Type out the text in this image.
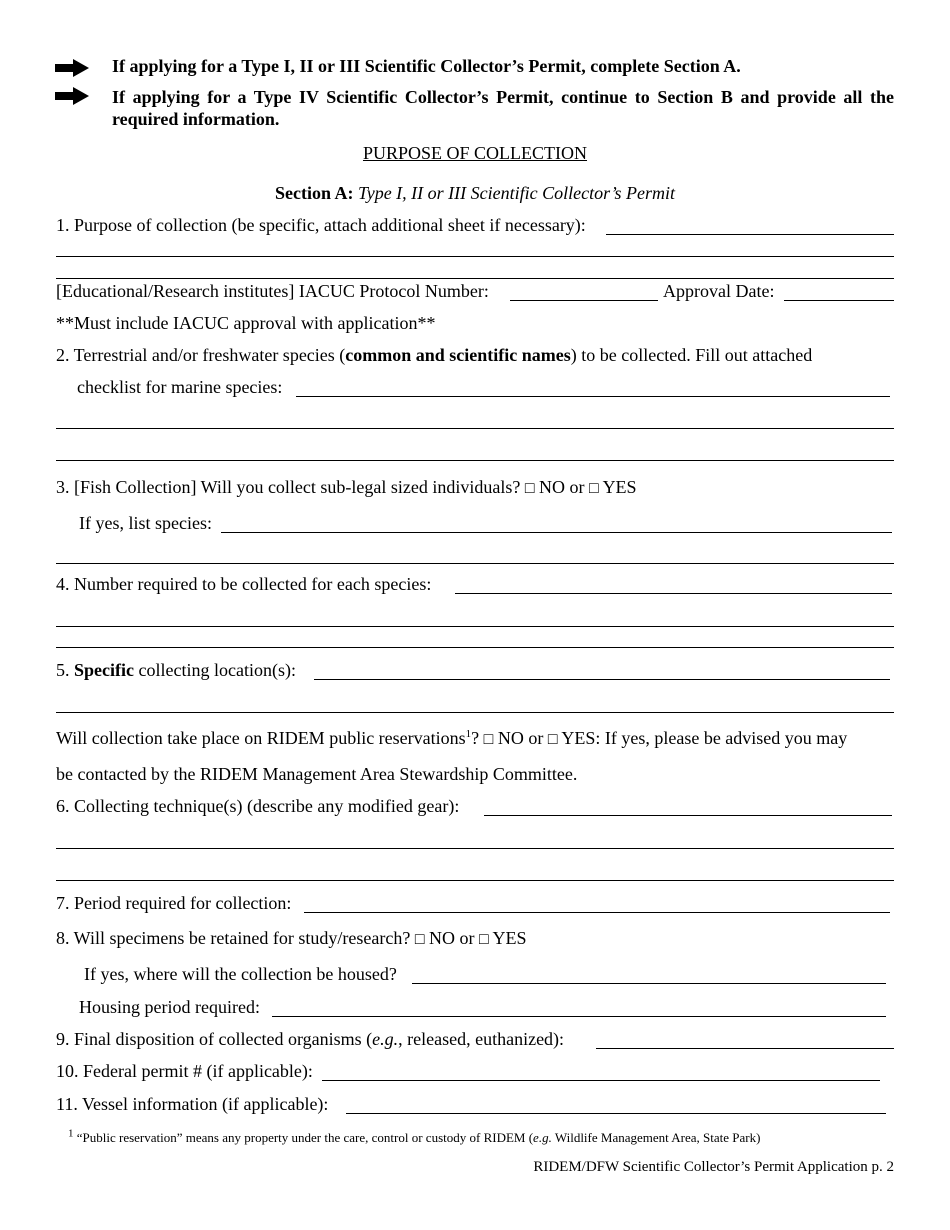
If applying for a Type I, II or III Scientific Collector’s Permit, complete Section A.
If applying for a Type IV Scientific Collector’s Permit, continue to Section B and provide all the
required information.
PURPOSE OF COLLECTION
Section A: Type I, II or III Scientific Collector’s Permit
1. Purpose of collection (be specific, attach additional sheet if necessary):
[Educational/Research institutes] IACUC Protocol Number:	Approval Date:
**Must include IACUC approval with application**
2. Terrestrial and/or freshwater species (common and scientific names) to be collected. Fill out attached
checklist for marine species:
3. [Fish Collection] Will you collect sub-legal sized individuals? □ NO or □ YES
If yes, list species:
4. Number required to be collected for each species:
5. Specific collecting location(s):
Will collection take place on RIDEM public reservations$^1$? □ NO or □ YES: If yes, please be advised you may
be contacted by the RIDEM Management Area Stewardship Committee.
6. Collecting technique(s) (describe any modified gear):
7. Period required for collection:
8. Will specimens be retained for study/research? □ NO or □ YES
If yes, where will the collection be housed?
Housing period required:
9. Final disposition of collected organisms (e.g., released, euthanized):
10. Federal permit # (if applicable):
11. Vessel information (if applicable):
$^1$ “Public reservation” means any property under the care, control or custody of RIDEM (e.g. Wildlife Management Area, State Park)
RIDEM/DFW Scientific Collector’s Permit Application p. 2
